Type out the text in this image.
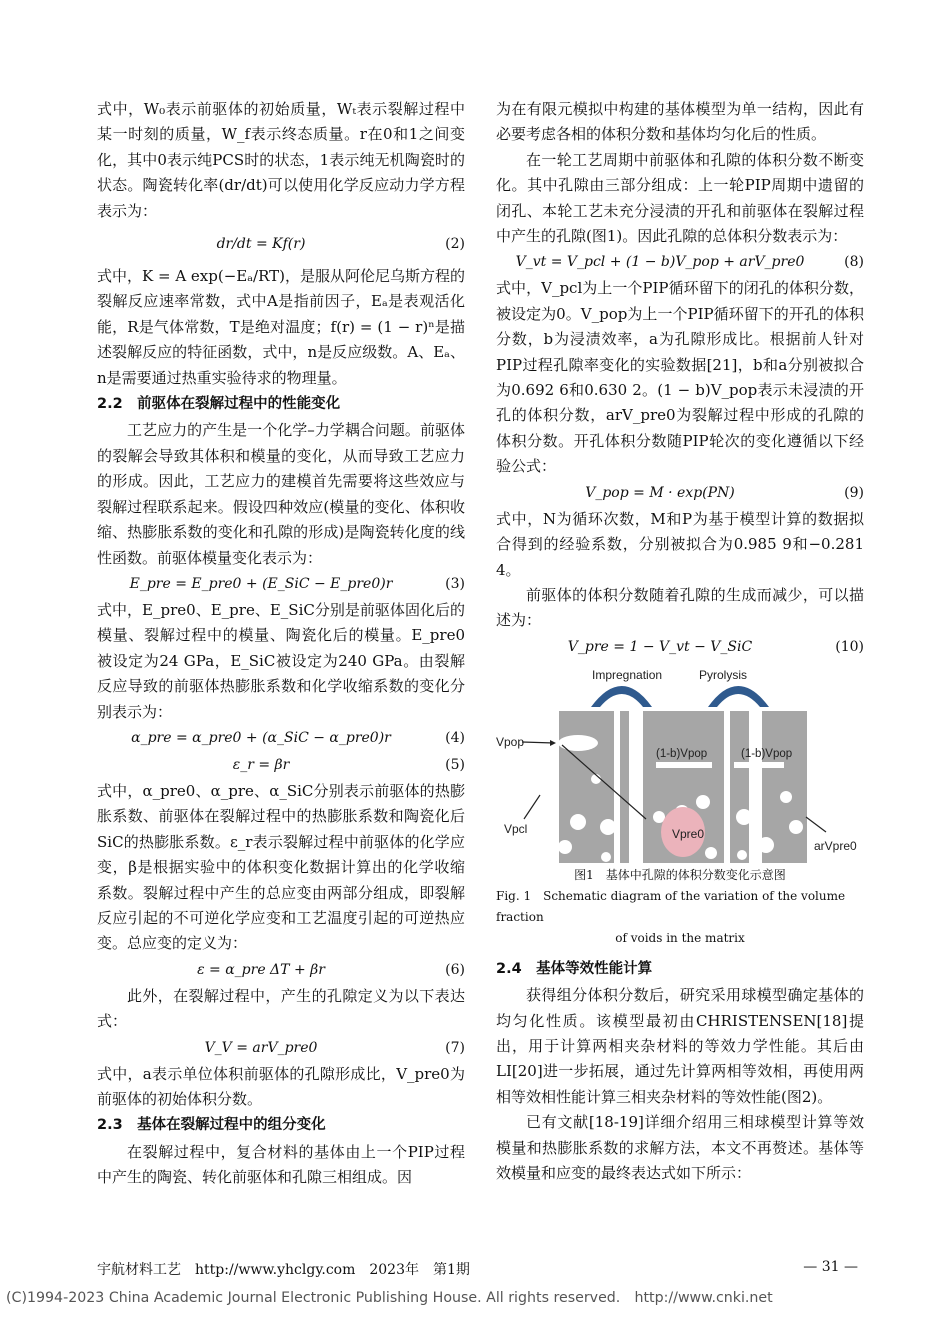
式中，W₀表示前驱体的初始质量，Wₜ表示裂解过程中某一时刻的质量，W_f表示终态质量。r在0和1之间变化，其中0表示纯PCS时的状态，1表示纯无机陶瓷时的状态。陶瓷转化率(dr/dt)可以使用化学反应动力学方程表示为：

dr/dt = Kf(r)	(2)

式中，K = A exp(−Eₐ/RT)，是服从阿伦尼乌斯方程的裂解反应速率常数，式中A是指前因子，Eₐ是表观活化能，R是气体常数，T是绝对温度；f(r) = (1 − r)ⁿ是描述裂解反应的特征函数，式中，n是反应级数。A、Eₐ、n是需要通过热重实验待求的物理量。

2.2　前驱体在裂解过程中的性能变化

工艺应力的产生是一个化学–力学耦合问题。前驱体的裂解会导致其体积和模量的变化，从而导致工艺应力的形成。因此，工艺应力的建模首先需要将这些效应与裂解过程联系起来。假设四种效应(模量的变化、体积收缩、热膨胀系数的变化和孔隙的形成)是陶瓷转化度的线性函数。前驱体模量变化表示为：

E_pre = E_pre0 + (E_SiC − E_pre0)r	(3)

式中，E_pre0、E_pre、E_SiC分别是前驱体固化后的模量、裂解过程中的模量、陶瓷化后的模量。E_pre0被设定为24 GPa，E_SiC被设定为240 GPa。由裂解反应导致的前驱体热膨胀系数和化学收缩系数的变化分别表示为：

α_pre = α_pre0 + (α_SiC − α_pre0)r	(4)
ε_r = βr	(5)

式中，α_pre0、α_pre、α_SiC分别表示前驱体的热膨胀系数、前驱体在裂解过程中的热膨胀系数和陶瓷化后SiC的热膨胀系数。ε_r表示裂解过程中前驱体的化学应变，β是根据实验中的体积变化数据计算出的化学收缩系数。裂解过程中产生的总应变由两部分组成，即裂解反应引起的不可逆化学应变和工艺温度引起的可逆热应变。总应变的定义为：

ε = α_pre ΔT + βr	(6)

此外，在裂解过程中，产生的孔隙定义为以下表达式：

V_V = arV_pre0	(7)

式中，a表示单位体积前驱体的孔隙形成比，V_pre0为前驱体的初始体积分数。

2.3　基体在裂解过程中的组分变化

在裂解过程中，复合材料的基体由上一个PIP过程中产生的陶瓷、转化前驱体和孔隙三相组成。因

为在有限元模拟中构建的基体模型为单一结构，因此有必要考虑各相的体积分数和基体均匀化后的性质。

在一轮工艺周期中前驱体和孔隙的体积分数不断变化。其中孔隙由三部分组成：上一轮PIP周期中遗留的闭孔、本轮工艺未充分浸渍的开孔和前驱体在裂解过程中产生的孔隙(图1)。因此孔隙的总体积分数表示为：

V_vt = V_pcl + (1 − b)V_pop + arV_pre0	(8)

式中，V_pcl为上一个PIP循环留下的闭孔的体积分数，被设定为0。V_pop为上一个PIP循环留下的开孔的体积分数，b为浸渍效率，a为孔隙形成比。根据前人针对PIP过程孔隙率变化的实验数据[21]，b和a分别被拟合为0.692 6和0.630 2。(1 − b)V_pop表示未浸渍的开孔的体积分数，arV_pre0为裂解过程中形成的孔隙的体积分数。开孔体积分数随PIP轮次的变化遵循以下经验公式：

V_pop = M · exp(PN)	(9)

式中，N为循环次数，M和P为基于模型计算的数据拟合得到的经验系数，分别被拟合为0.985 9和−0.281 4。

前驱体的体积分数随着孔隙的生成而减少，可以描述为：

V_pre = 1 − V_vt − V_SiC	(10)
Impregnation	Pyrolysis
Vpop
Vpcl
(1-b)Vpop	(1-b)Vpop
Vpre0
arVpre0

图1　基体中孔隙的体积分数变化示意图

Fig. 1　Schematic diagram of the variation of the volume fraction

of voids in the matrix

2.4　基体等效性能计算

获得组分体积分数后，研究采用球模型确定基体的均匀化性质。该模型最初由CHRISTENSEN[18]提出，用于计算两相夹杂材料的等效力学性能。其后由LI[20]进一步拓展，通过先计算两相等效相，再使用两相等效相性能计算三相夹杂材料的等效性能(图2)。

已有文献[18-19]详细介绍用三相球模型计算等效模量和热膨胀系数的求解方法，本文不再赘述。基体等效模量和应变的最终表达式如下所示：

宇航材料工艺　http://www.yhclgy.com　2023年　第1期	— 31 —
(C)1994-2023 China Academic Journal Electronic Publishing House. All rights reserved.　http://www.cnki.net
